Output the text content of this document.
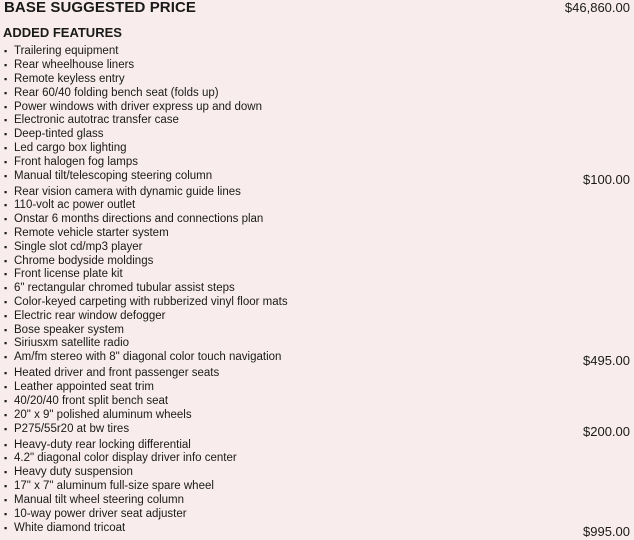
BASE SUGGESTED PRICE	$46,860.00
ADDED FEATURES
▪ Trailering equipment
▪ Rear wheelhouse liners
▪ Remote keyless entry
▪ Rear 60/40 folding bench seat (folds up)
▪ Power windows with driver express up and down
▪ Electronic autotrac transfer case
▪ Deep-tinted glass
▪ Led cargo box lighting
▪ Front halogen fog lamps
▪ Manual tilt/telescoping steering column	$100.00
▪ Rear vision camera with dynamic guide lines
▪ 110-volt ac power outlet
▪ Onstar 6 months directions and connections plan
▪ Remote vehicle starter system
▪ Single slot cd/mp3 player
▪ Chrome bodyside moldings
▪ Front license plate kit
▪ 6" rectangular chromed tubular assist steps
▪ Color-keyed carpeting with rubberized vinyl floor mats
▪ Electric rear window defogger
▪ Bose speaker system
▪ Siriusxm satellite radio
▪ Am/fm stereo with 8" diagonal color touch navigation	$495.00
▪ Heated driver and front passenger seats
▪ Leather appointed seat trim
▪ 40/20/40 front split bench seat
▪ 20" x 9" polished aluminum wheels
▪ P275/55r20 at bw tires	$200.00
▪ Heavy-duty rear locking differential
▪ 4.2" diagonal color display driver info center
▪ Heavy duty suspension
▪ 17" x 7" aluminum full-size spare wheel
▪ Manual tilt wheel steering column
▪ 10-way power driver seat adjuster
▪ White diamond tricoat	$995.00
